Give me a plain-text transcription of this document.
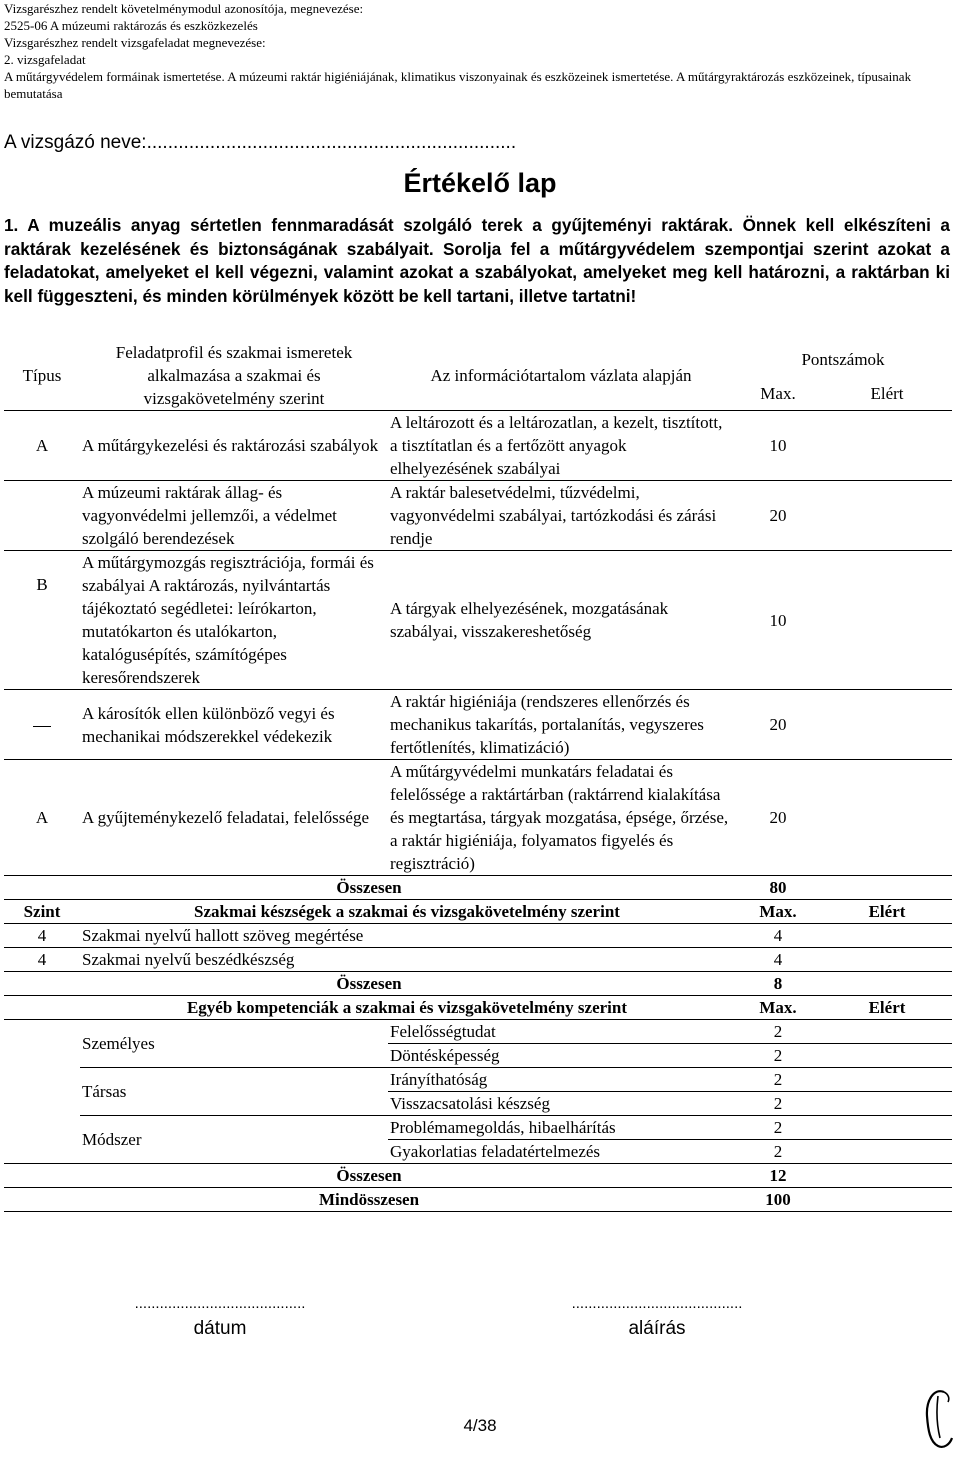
Vizsgarészhez rendelt követelménymodul azonosítója, megnevezése:
2525-06 A múzeumi raktározás és eszközkezelés
Vizsgarészhez rendelt vizsgafeladat megnevezése:
2. vizsgafeladat
A műtárgyvédelem formáinak ismertetése. A múzeumi raktár higiéniájának, klimatikus viszonyainak és eszközeinek ismertetése. A műtárgyraktározás eszközeinek, típusainak bemutatása
A vizsgázó neve:......................................................................
Értékelő lap
1. A muzeális anyag sértetlen fennmaradását szolgáló terek a gyűjteményi raktárak. Önnek kell elkészíteni a raktárak kezelésének és biztonságának szabályait. Sorolja fel a műtárgyvédelem szempontjai szerint azokat a feladatokat, amelyeket el kell végezni, valamint azokat a szabályokat, amelyeket meg kell határozni, a raktárban ki kell függeszteni, és minden körülmények között be kell tartani, illetve tartatni!
Típus	Feladatprofil és szakmai ismeretek alkalmazása a szakmai és vizsgakövetelmény szerint	Az információtartalom vázlata alapján	Pontszámok	
			Max.	Elért
A	A műtárgykezelési és raktározási szabályok	A leltározott és a leltározatlan, a kezelt, tisztított, a tisztítatlan és a fertőzött anyagok elhelyezésének szabályai	10	
	A múzeumi raktárak állag- és vagyonvédelmi jellemzői, a védelmet szolgáló berendezések	A raktár balesetvédelmi, tűzvédelmi, vagyonvédelmi szabályai, tartózkodási és zárási rendje	20	
B	A műtárgymozgás regisztrációja, formái és szabályai A raktározás, nyilvántartás tájékoztató segédletei: leírókarton, mutatókarton és utalókarton, katalógusépítés, számítógépes keresőrendszerek	A tárgyak elhelyezésének, mozgatásának szabályai, visszakereshetőség	10	
	A károsítók ellen különböző vegyi és mechanikai módszerekkel védekezik	A raktár higiéniája (rendszeres ellenőrzés és mechanikus takarítás, portalanítás, vegyszeres fertőtlenítés, klimatizáció)	20	
A	A gyűjteménykezelő feladatai, felelőssége	A műtárgyvédelmi munkatárs feladatai és felelőssége a raktártárban (raktárrend kialakítása és megtartása, tárgyak mozgatása, épsége, őrzése, a raktár higiéniája, folyamatos figyelés és regisztráció)	20	
Összesen			80	
Szint	Szakmai készségek a szakmai és vizsgakövetelmény szerint		Max.	Elért
4	Szakmai nyelvű hallott szöveg megértése		4	
4	Szakmai nyelvű beszédkészség		4	
Összesen			8	
	Egyéb kompetenciák a szakmai és vizsgakövetelmény szerint		Max.	Elért
	Személyes	Felelősségtudat	2	
		Döntésképesség	2	
	Társas	Irányíthatóság	2	
		Visszacsatolási készség	2	
	Módszer	Problémamegoldás, hibaelhárítás	2	
		Gyakorlatias feladatértelmezés	2	
Összesen			12	
Mindösszesen			100	
.........................................
dátum
.........................................
aláírás
4/38
